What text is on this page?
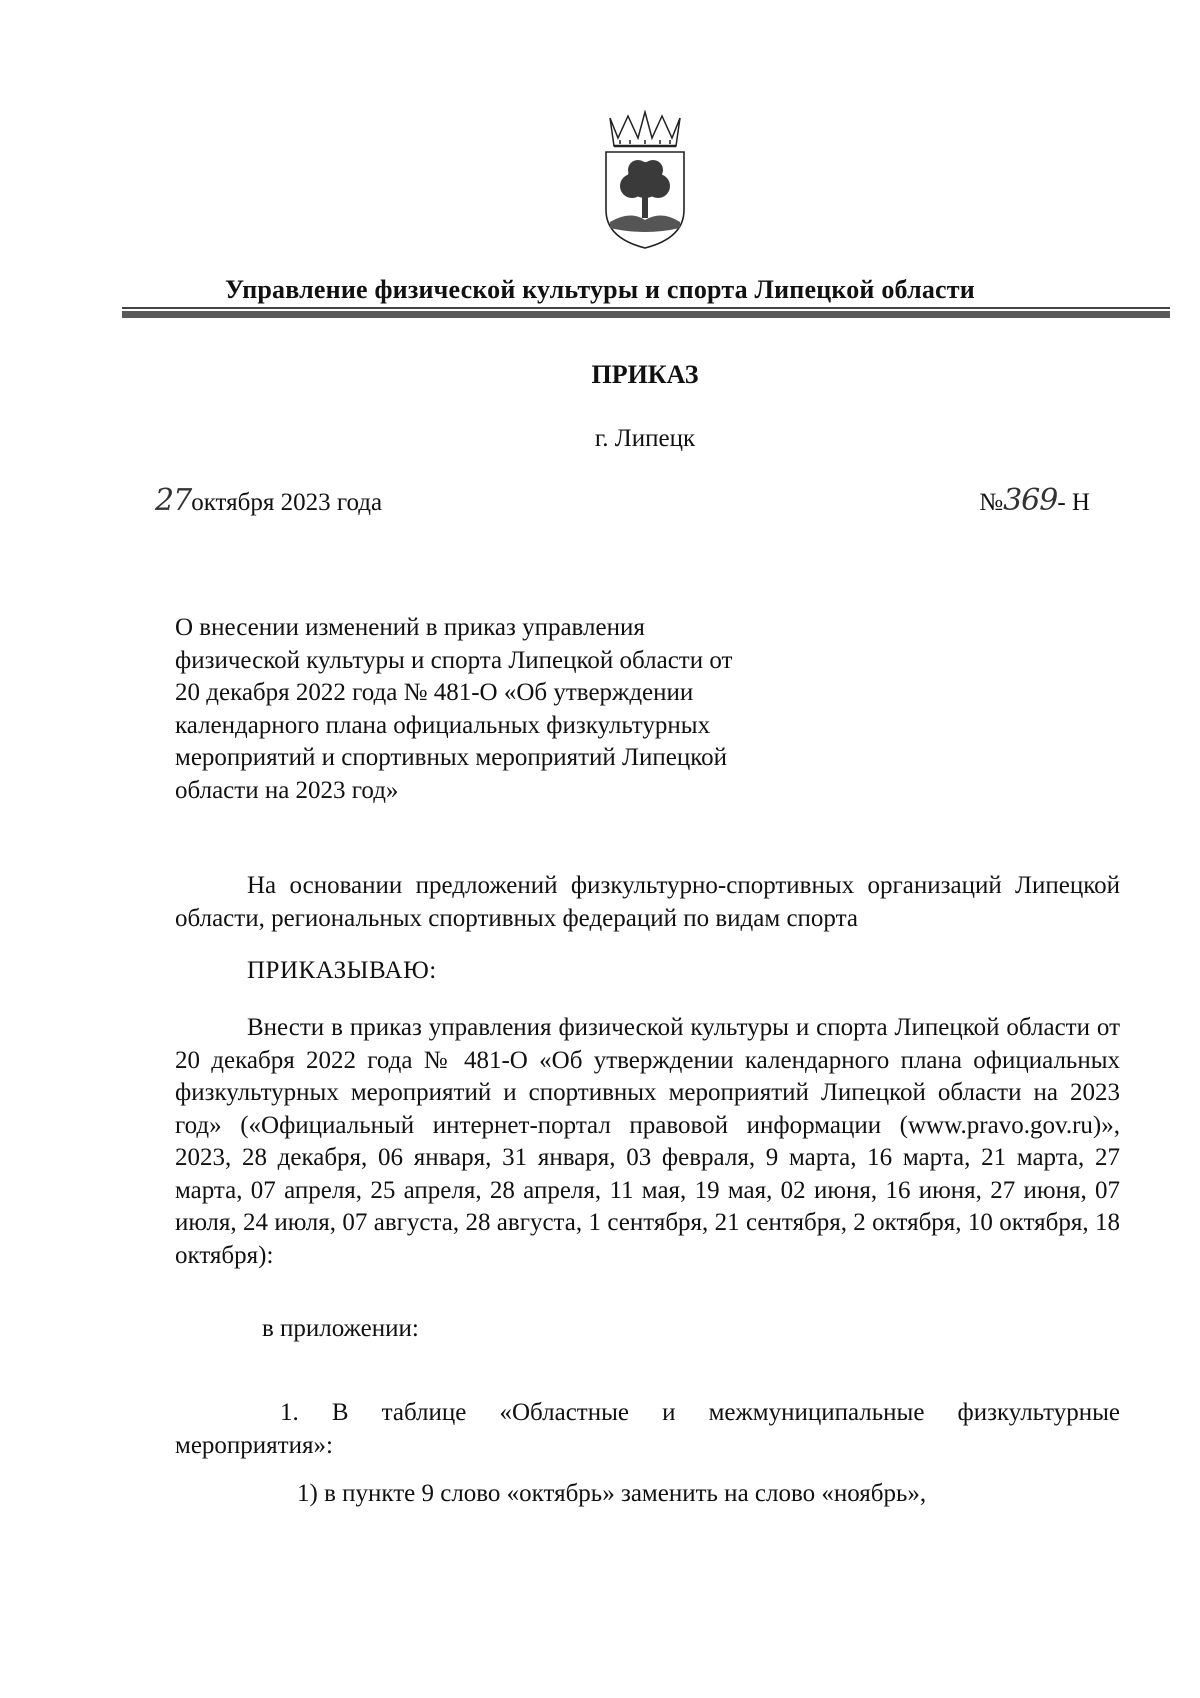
Управление физической культуры и спорта Липецкой области
ПРИКАЗ
г. Липецк
27октября 2023 года	№369- Н
О внесении изменений в приказ управления физической культуры и спорта Липецкой области от 20 декабря 2022 года № 481-О «Об утверждении календарного плана официальных физкультурных мероприятий и спортивных мероприятий Липецкой области на 2023 год»
На основании предложений физкультурно-спортивных организаций Липецкой области, региональных спортивных федераций по видам спорта
ПРИКАЗЫВАЮ:
Внести в приказ управления физической культуры и спорта Липецкой области от 20 декабря 2022 года № 481-О «Об утверждении календарного плана официальных физкультурных мероприятий и спортивных мероприятий Липецкой области на 2023 год» («Официальный интернет-портал правовой информации (www.pravo.gov.ru)», 2023, 28 декабря, 06 января, 31 января, 03 февраля, 9 марта, 16 марта, 21 марта, 27 марта, 07 апреля, 25 апреля, 28 апреля, 11 мая, 19 мая, 02 июня, 16 июня, 27 июня, 07 июля, 24 июля, 07 августа, 28 августа, 1 сентября, 21 сентября, 2 октября, 10 октября, 18 октября):
в приложении:
1. В таблице «Областные и межмуниципальные физкультурные мероприятия»:
1) в пункте 9 слово «октябрь» заменить на слово «ноябрь»,
